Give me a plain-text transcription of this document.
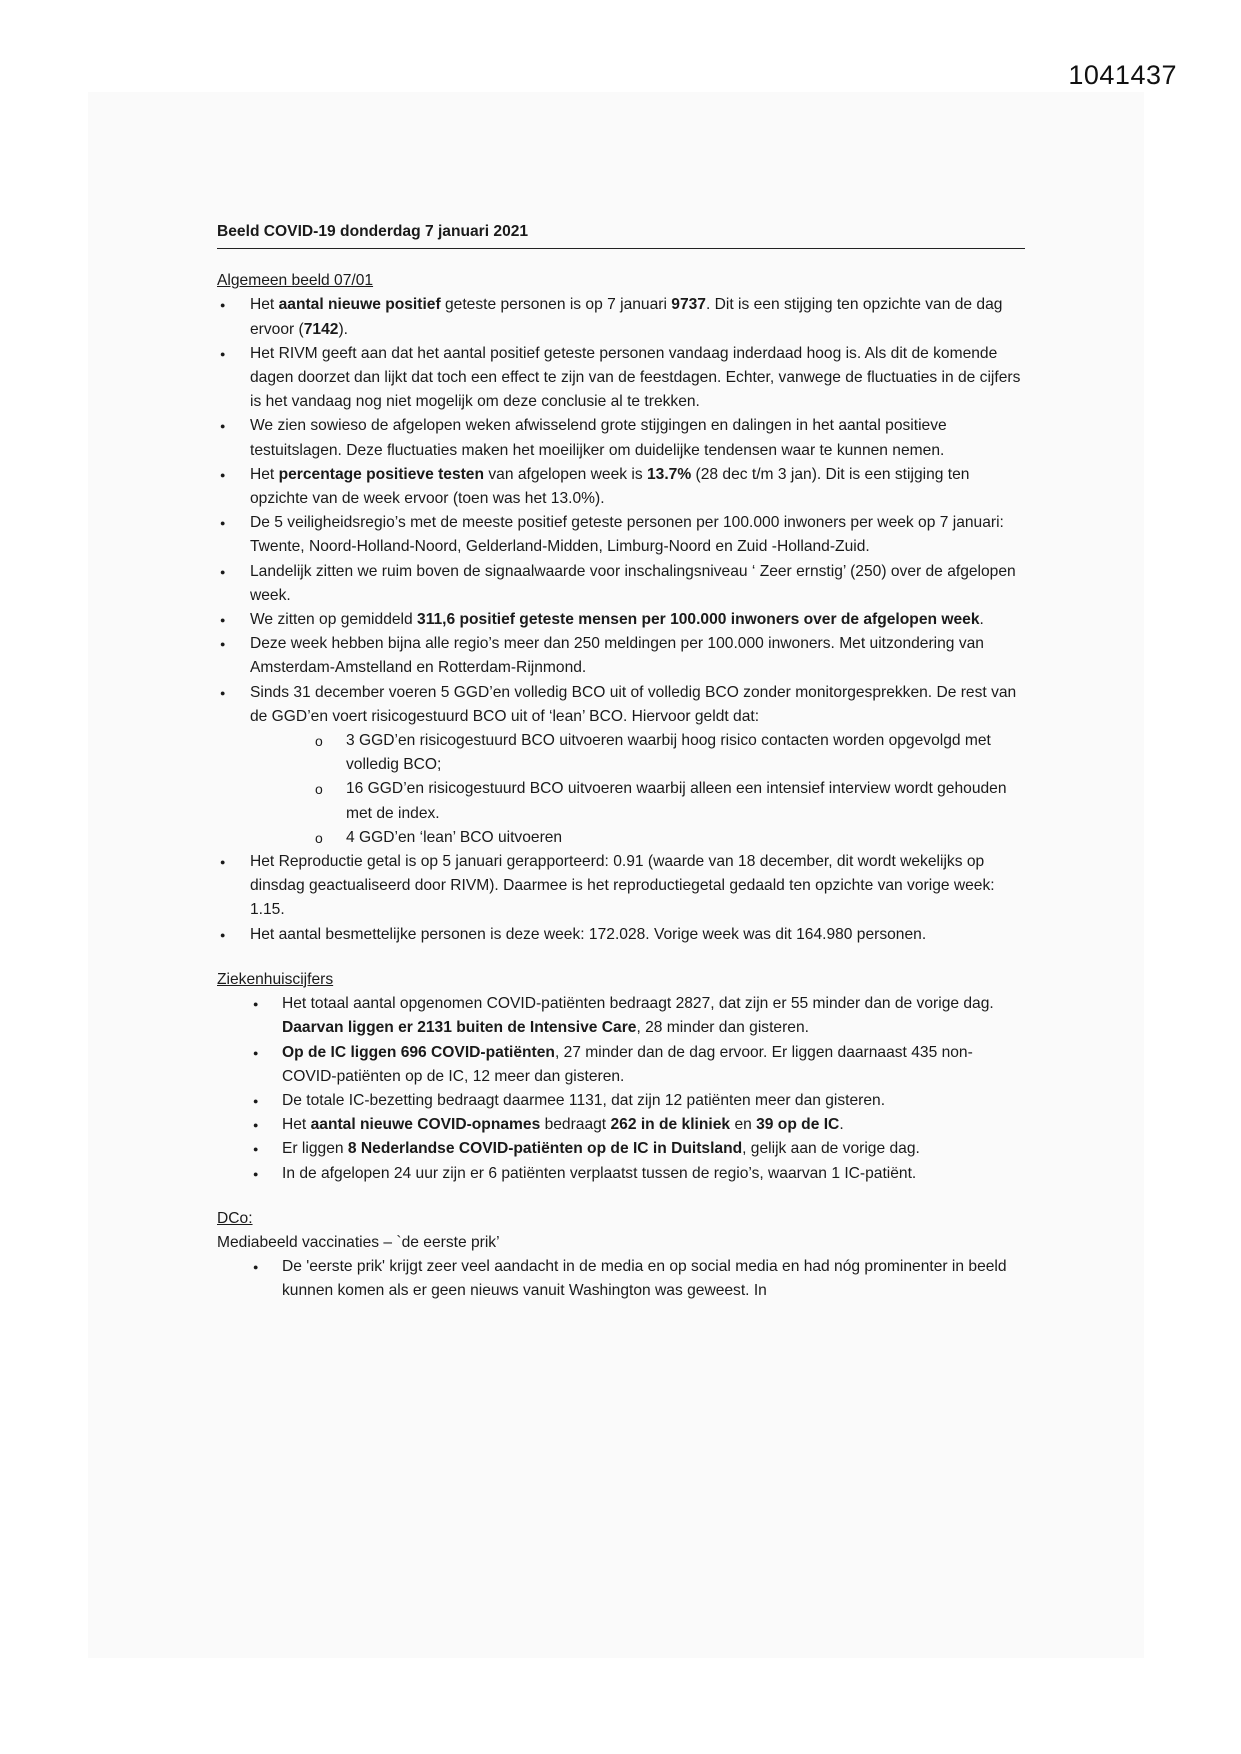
1041437

Beeld COVID-19 donderdag 7 januari 2021

Algemeen beeld 07/01

● Het aantal nieuwe positief geteste personen is op 7 januari 9737. Dit is een stijging ten opzichte van de dag ervoor (7142).
● Het RIVM geeft aan dat het aantal positief geteste personen vandaag inderdaad hoog is. Als dit de komende dagen doorzet dan lijkt dat toch een effect te zijn van de feestdagen. Echter, vanwege de fluctuaties in de cijfers is het vandaag nog niet mogelijk om deze conclusie al te trekken.
● We zien sowieso de afgelopen weken afwisselend grote stijgingen en dalingen in het aantal positieve testuitslagen. Deze fluctuaties maken het moeilijker om duidelijke tendensen waar te kunnen nemen.
● Het percentage positieve testen van afgelopen week is 13.7% (28 dec t/m 3 jan). Dit is een stijging ten opzichte van de week ervoor (toen was het 13.0%).
● De 5 veiligheidsregio’s met de meeste positief geteste personen per 100.000 inwoners per week op 7 januari: Twente, Noord-Holland-Noord, Gelderland-Midden, Limburg-Noord en Zuid -Holland-Zuid.
● Landelijk zitten we ruim boven de signaalwaarde voor inschalingsniveau ‘ Zeer ernstig’ (250) over de afgelopen week.
● We zitten op gemiddeld 311,6 positief geteste mensen per 100.000 inwoners over de afgelopen week.
● Deze week hebben bijna alle regio’s meer dan 250 meldingen per 100.000 inwoners. Met uitzondering van Amsterdam-Amstelland en Rotterdam-Rijnmond.
● Sinds 31 december voeren 5 GGD’en volledig BCO uit of volledig BCO zonder monitorgesprekken. De rest van de GGD’en voert risicogestuurd BCO uit of ‘lean’ BCO. Hiervoor geldt dat:
o 3 GGD’en risicogestuurd BCO uitvoeren waarbij hoog risico contacten worden opgevolgd met volledig BCO;
o 16 GGD’en risicogestuurd BCO uitvoeren waarbij alleen een intensief interview wordt gehouden met de index.
o 4 GGD’en ‘lean’ BCO uitvoeren
● Het Reproductie getal is op 5 januari gerapporteerd: 0.91 (waarde van 18 december, dit wordt wekelijks op dinsdag geactualiseerd door RIVM). Daarmee is het reproductiegetal gedaald ten opzichte van vorige week: 1.15.
● Het aantal besmettelijke personen is deze week: 172.028. Vorige week was dit 164.980 personen.

Ziekenhuiscijfers

● Het totaal aantal opgenomen COVID-patiënten bedraagt 2827, dat zijn er 55 minder dan de vorige dag. Daarvan liggen er 2131 buiten de Intensive Care, 28 minder dan gisteren.
● Op de IC liggen 696 COVID-patiënten, 27 minder dan de dag ervoor. Er liggen daarnaast 435 non-COVID-patiënten op de IC, 12 meer dan gisteren.
● De totale IC-bezetting bedraagt daarmee 1131, dat zijn 12 patiënten meer dan gisteren.
● Het aantal nieuwe COVID-opnames bedraagt 262 in de kliniek en 39 op de IC.
● Er liggen 8 Nederlandse COVID-patiënten op de IC in Duitsland, gelijk aan de vorige dag.
● In de afgelopen 24 uur zijn er 6 patiënten verplaatst tussen de regio’s, waarvan 1 IC-patiënt.

DCo:

Mediabeeld vaccinaties – `de eerste prik’

● De 'eerste prik' krijgt zeer veel aandacht in de media en op social media en had nóg prominenter in beeld kunnen komen als er geen nieuws vanuit Washington was geweest. In
